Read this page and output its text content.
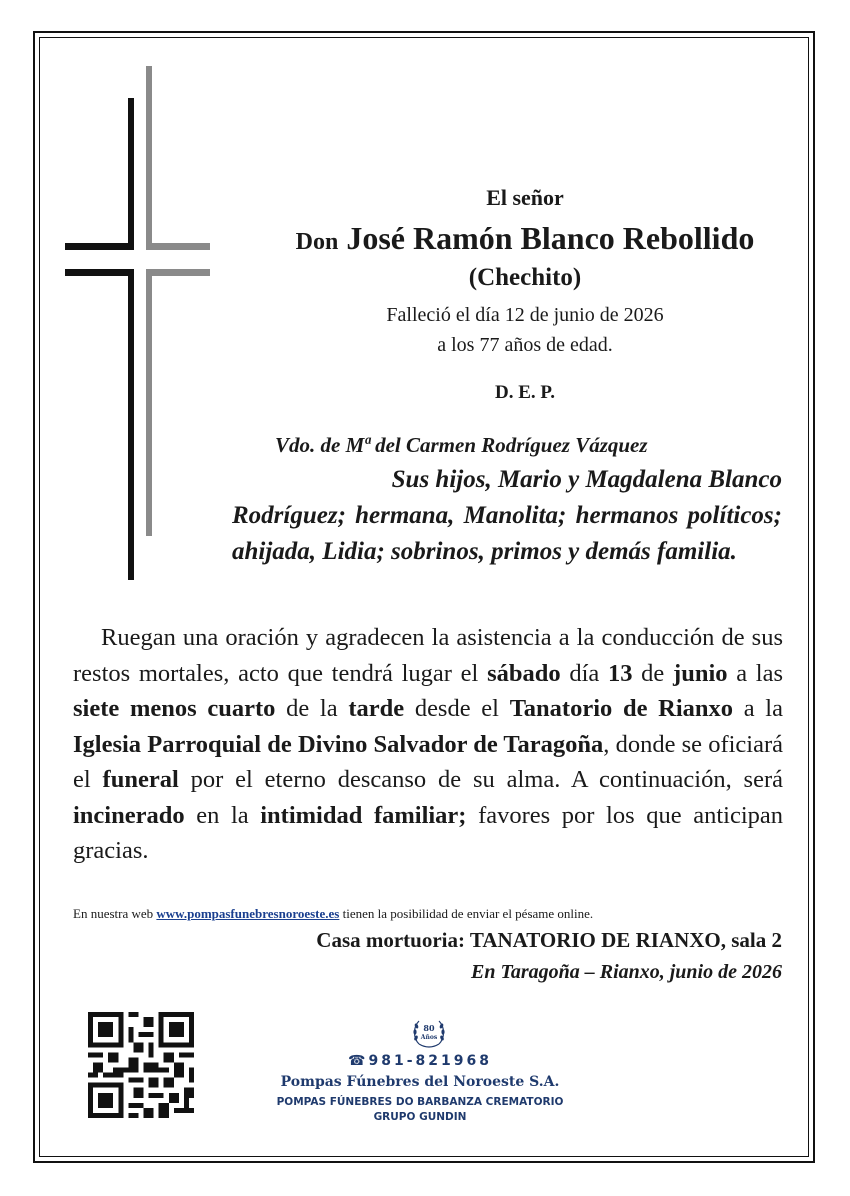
El señor
Don José Ramón Blanco Rebollido
(Chechito)
Falleció el día 12 de junio de 2026
a los 77 años de edad.
D. E. P.
Vdo. de Mª del Carmen Rodríguez Vázquez
Sus hijos, Mario y Magdalena Blanco
Rodríguez; hermana, Manolita; hermanos políticos; ahijada, Lidia; sobrinos, primos y demás familia.
Ruegan una oración y agradecen la asistencia a la conducción de sus restos mortales, acto que tendrá lugar el sábado día 13 de junio a las siete menos cuarto de la tarde desde el Tanatorio de Rianxo a la Iglesia Parroquial de Divino Salvador de Taragoña, donde se oficiará el funeral por el eterno descanso de su alma. A continuación, será incinerado en la intimidad familiar; favores por los que anticipan gracias.
En nuestra web www.pompasfunebresnoroeste.es tienen la posibilidad de enviar el pésame online.
Casa mortuoria: TANATORIO DE RIANXO, sala 2
En Taragoña – Rianxo, junio de 2026
80
Años
☎981-821968
Pompas Fúnebres del Noroeste S.A.
POMPAS FÚNEBRES DO BARBANZA CREMATORIO
GRUPO GUNDIN
